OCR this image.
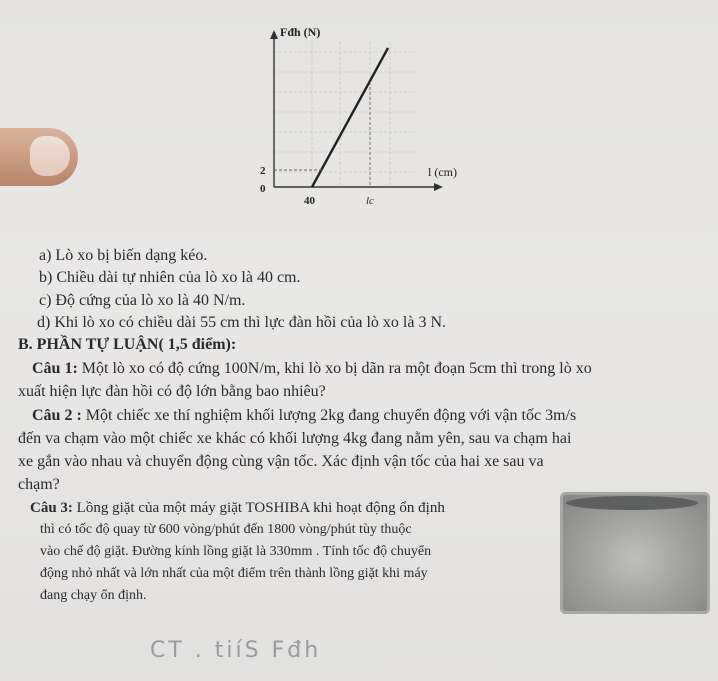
Fđh (N)
l (cm)
2
0
40	lc
a) Lò xo bị biến dạng kéo.
b) Chiều dài tự nhiên của lò xo là 40 cm.
c) Độ cứng của lò xo là 40 N/m.
d) Khi lò xo có chiều dài 55 cm thì lực đàn hồi của lò xo là 3 N.
B. PHẦN TỰ LUẬN( 1,5 điểm):
Câu 1: Một lò xo có độ cứng 100N/m, khi lò xo bị dãn ra một đoạn 5cm thì trong lò xo
xuất hiện lực đàn hồi có độ lớn bằng bao nhiêu?
Câu 2 : Một chiếc xe thí nghiệm khối lượng 2kg đang chuyển động với vận tốc 3m/s
đến va chạm vào một chiếc xe khác có khối lượng 4kg đang nằm yên, sau va chạm hai
xe gắn vào nhau và chuyển động cùng vận tốc. Xác định vận tốc của hai xe sau va
chạm?
Câu 3: Lồng giặt của một máy giặt TOSHIBA khi hoạt động ổn định
thì có tốc độ quay từ 600 vòng/phút đến 1800 vòng/phút tùy thuộc
vào chế độ giặt. Đường kính lồng giặt là 330mm . Tính tốc độ chuyển
động nhỏ nhất và lớn nhất của một điểm trên thành lồng giặt khi máy
đang chạy ổn định.
CT . tiíS Fđh
